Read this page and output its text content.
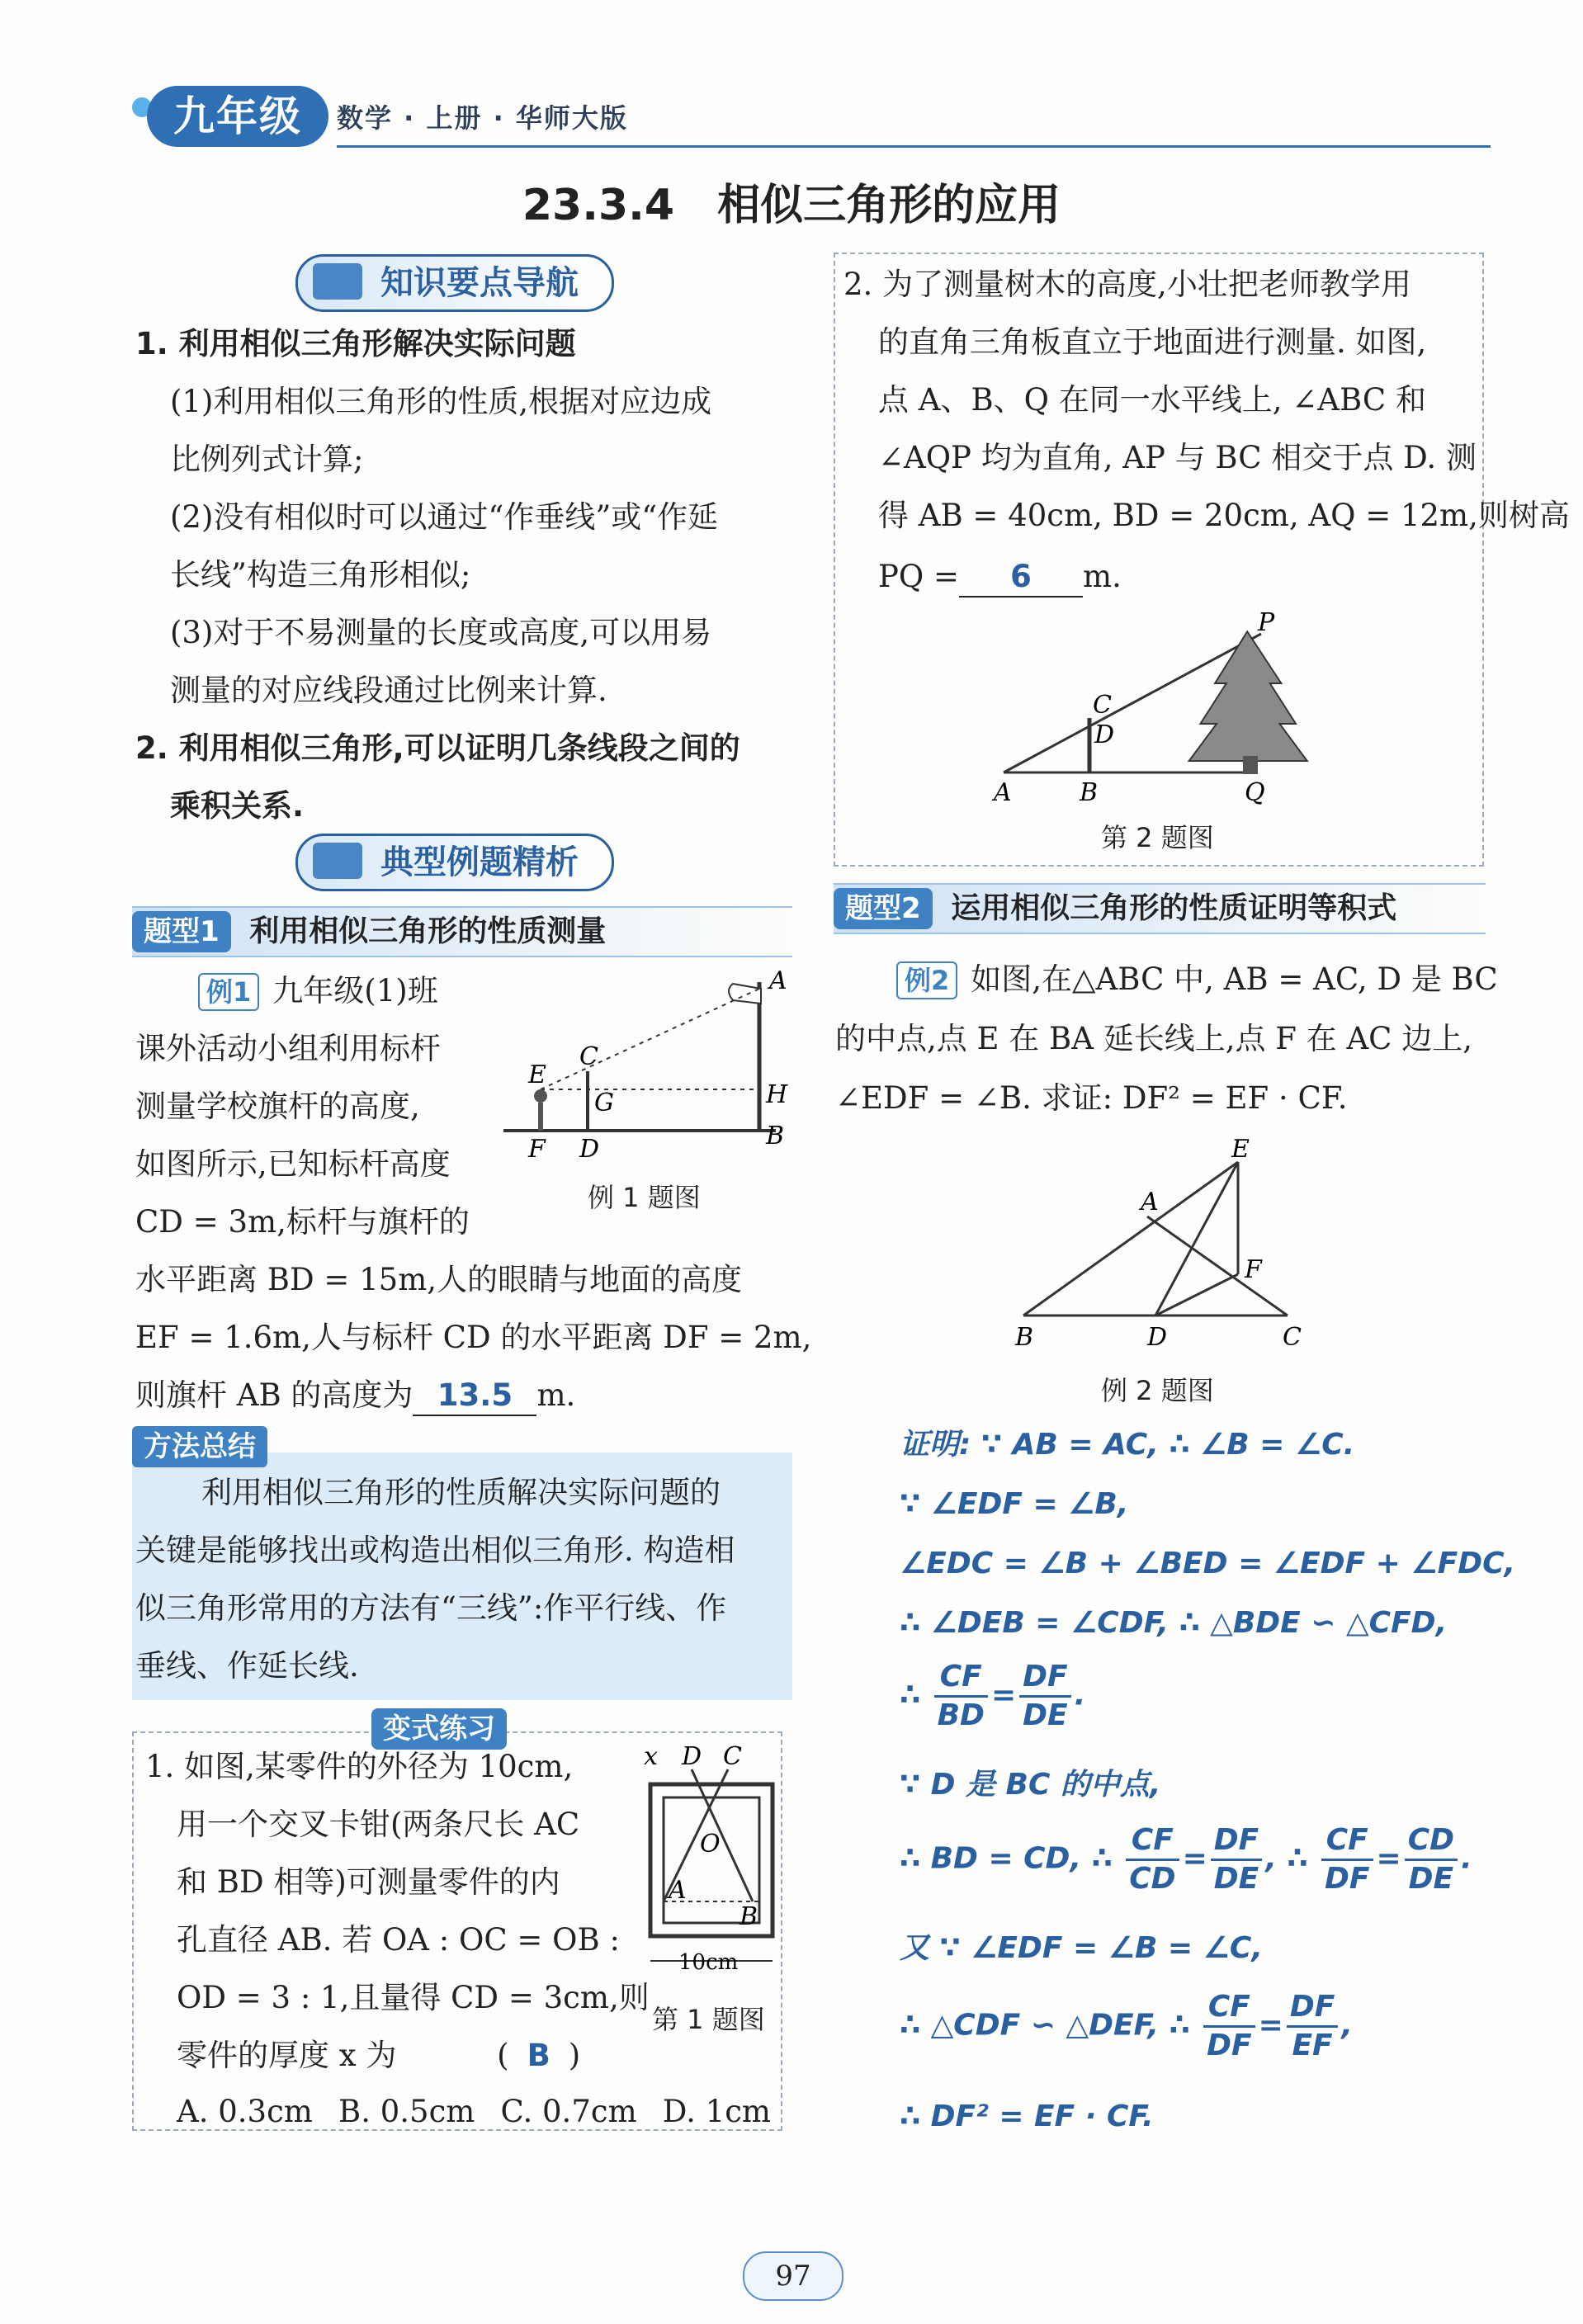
九年级	数学 · 上册 · 华师大版
23.3.4　相似三角形的应用
知识要点导航
1. 利用相似三角形解决实际问题
(1)利用相似三角形的性质,根据对应边成
比例列式计算;
(2)没有相似时可以通过“作垂线”或“作延
长线”构造三角形相似;
(3)对于不易测量的长度或高度,可以用易
测量的对应线段通过比例来计算.
2. 利用相似三角形,可以证明几条线段之间的
乘积关系.
典型例题精析
题型1 利用相似三角形的性质测量
例1 九年级(1)班
课外活动小组利用标杆
测量学校旗杆的高度,
如图所示,已知标杆高度
CD = 3m,标杆与旗杆的
水平距离 BD = 15m,人的眼睛与地面的高度
EF = 1.6m,人与标杆 CD 的水平距离 DF = 2m,
则旗杆 AB 的高度为 13.5 m.
A
B
C
D
E
F
G	H
例 1 题图
方法总结
利用相似三角形的性质解决实际问题的
关键是能够找出或构造出相似三角形. 构造相
似三角形常用的方法有“三线”:作平行线、作
垂线、作延长线.
变式练习
1. 如图,某零件的外径为 10cm,
用一个交叉卡钳(两条尺长 AC
和 BD 相等)可测量零件的内
孔直径 AB. 若 OA : OC = OB :
OD = 3 : 1,且量得 CD = 3cm,则
零件的厚度 x 为	( B )
A. 0.3cm B. 0.5cm C. 0.7cm D. 1cm
x D C
O
A
B
10cm
第 1 题图
2. 为了测量树木的高度,小壮把老师教学用
的直角三角板直立于地面进行测量. 如图,
点 A、B、Q 在同一水平线上, ∠ABC 和
∠AQP 均为直角, AP 与 BC 相交于点 D. 测
得 AB = 40cm, BD = 20cm, AQ = 12m,则树高
PQ = 6 m.
P
C
D
A	B	Q
第 2 题图
题型2 运用相似三角形的性质证明等积式
例2 如图,在△ABC 中, AB = AC, D 是 BC
的中点,点 E 在 BA 延长线上,点 F 在 AC 边上,
∠EDF = ∠B. 求证: DF² = EF · CF.
E
A
F
B	D	C
例 2 题图
证明: ∵ AB = AC, ∴ ∠B = ∠C.
∵ ∠EDF = ∠B,
∠EDC = ∠B + ∠BED = ∠EDF + ∠FDC,
∴ ∠DEB = ∠CDF, ∴ △BDE ∽ △CFD,
∴ $\frac{CF}{BD} = \frac{DF}{DE}$ .
∵ D 是 BC 的中点,
∴ BD = CD, ∴ $\frac{CF}{CD} = \frac{DF}{DE}$ , ∴ $\frac{CF}{DF} = \frac{CD}{DE}$ .
又 ∵ ∠EDF = ∠B = ∠C,
∴ △CDF ∽ △DEF, ∴ $\frac{CF}{DF} = \frac{DF}{EF}$ ,
∴ DF² = EF · CF.
97
